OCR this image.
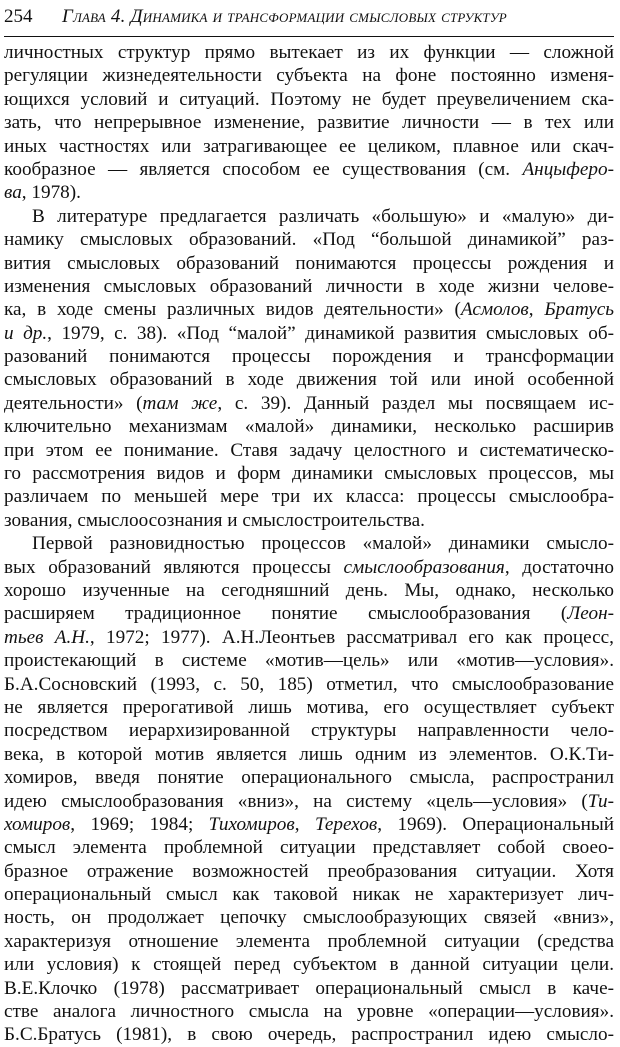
254 Глава 4. Динамика и трансформации смысловых структур
личностных структур прямо вытекает из их функции — сложной
регуляции жизнедеятельности субъекта на фоне постоянно изменя-
ющихся условий и ситуаций. Поэтому не будет преувеличением ска-
зать, что непрерывное изменение, развитие личности — в тех или
иных частностях или затрагивающее ее целиком, плавное или скач-
кообразное — является способом ее существования (см. Анцыферо-
ва, 1978).
В литературе предлагается различать «большую» и «малую» ди-
намику смысловых образований. «Под “большой динамикой” раз-
вития смысловых образований понимаются процессы рождения и
изменения смысловых образований личности в ходе жизни челове-
ка, в ходе смены различных видов деятельности» (Асмолов, Братусь
и др., 1979, с. 38). «Под “малой” динамикой развития смысловых об-
разований понимаются процессы порождения и трансформации
смысловых образований в ходе движения той или иной особенной
деятельности» (там же, с. 39). Данный раздел мы посвящаем ис-
ключительно механизмам «малой» динамики, несколько расширив
при этом ее понимание. Ставя задачу целостного и систематическо-
го рассмотрения видов и форм динамики смысловых процессов, мы
различаем по меньшей мере три их класса: процессы смыслообра-
зования, смыслоосознания и смыслостроительства.
Первой разновидностью процессов «малой» динамики смысло-
вых образований являются процессы смыслообразования, достаточно
хорошо изученные на сегодняшний день. Мы, однако, несколько
расширяем традиционное понятие смыслообразования (Леон-
тьев А.Н., 1972; 1977). А.Н.Леонтьев рассматривал его как процесс,
проистекающий в системе «мотив—цель» или «мотив—условия».
Б.А.Сосновский (1993, с. 50, 185) отметил, что смыслообразование
не является прерогативой лишь мотива, его осуществляет субъект
посредством иерархизированной структуры направленности чело-
века, в которой мотив является лишь одним из элементов. О.К.Ти-
хомиров, введя понятие операционального смысла, распространил
идею смыслообразования «вниз», на систему «цель—условия» (Ти-
хомиров, 1969; 1984; Тихомиров, Терехов, 1969). Операциональный
смысл элемента проблемной ситуации представляет собой своео-
бразное отражение возможностей преобразования ситуации. Хотя
операциональный смысл как таковой никак не характеризует лич-
ность, он продолжает цепочку смыслообразующих связей «вниз»,
характеризуя отношение элемента проблемной ситуации (средства
или условия) к стоящей перед субъектом в данной ситуации цели.
В.Е.Клочко (1978) рассматривает операциональный смысл в каче-
стве аналога личностного смысла на уровне «операции—условия».
Б.С.Братусь (1981), в свою очередь, распространил идею смысло-
